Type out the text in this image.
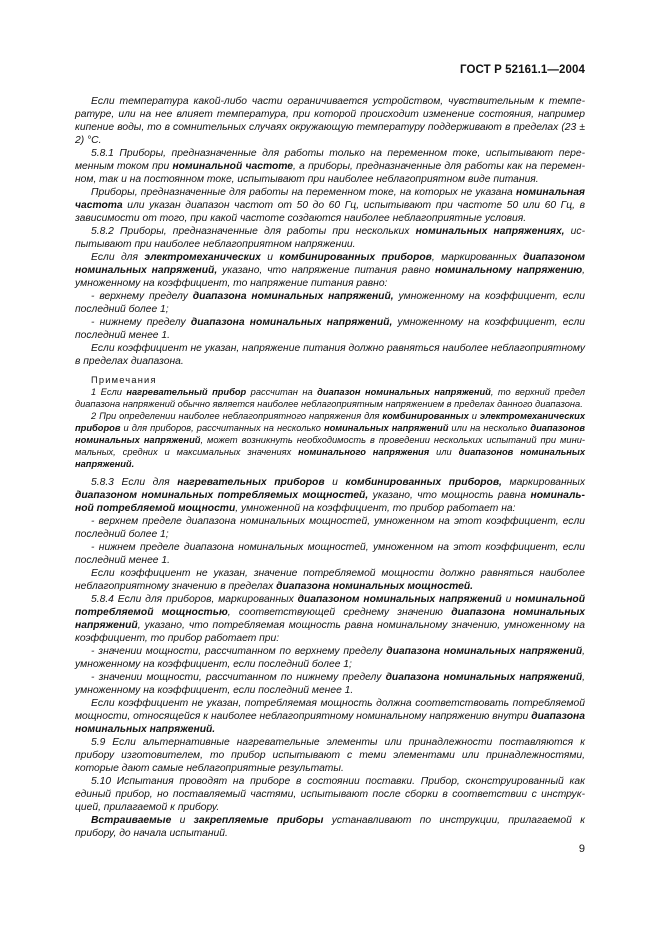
ГОСТ Р 52161.1—2004

Если температура какой-либо части ограничивается устройством, чувствительным к температуре, или на нее влияет температура, при которой происходит изменение состояния, например кипение воды, то в сомнительных случаях окружающую температуру поддерживают в пределах (23 ± 2) °С.

5.8.1 Приборы, предназначенные для работы только на переменном токе, испытывают переменным током при номинальной частоте, а приборы, предназначенные для работы как на переменном, так и на постоянном токе, испытывают при наиболее неблагоприятном виде питания.

Приборы, предназначенные для работы на переменном токе, на которых не указана номинальная частота или указан диапазон частот от 50 до 60 Гц, испытывают при частоте 50 или 60 Гц, в зависимости от того, при какой частоте создаются наиболее неблагоприятные условия.

5.8.2 Приборы, предназначенные для работы при нескольких номинальных напряжениях, испытывают при наиболее неблагоприятном напряжении.

Если для электромеханических и комбинированных приборов, маркированных диапазоном номинальных напряжений, указано, что напряжение питания равно номинальному напряжению, умноженному на коэффициент, то напряжение питания равно:

- верхнему пределу диапазона номинальных напряжений, умноженному на коэффициент, если последний более 1;

- нижнему пределу диапазона номинальных напряжений, умноженному на коэффициент, если последний менее 1.

Если коэффициент не указан, напряжение питания должно равняться наиболее неблагоприятному в пределах диапазона.

Примечания

1 Если нагревательный прибор рассчитан на диапазон номинальных напряжений, то верхний предел диапазона напряжений обычно является наиболее неблагоприятным напряжением в пределах данного диапазона.

2 При определении наиболее неблагоприятного напряжения для комбинированных и электромеханических приборов и для приборов, рассчитанных на несколько номинальных напряжений или на несколько диапазонов номинальных напряжений, может возникнуть необходимость в проведении нескольких испытаний при минимальных, средних и максимальных значениях номинального напряжения или диапазонов номинальных напряжений.

5.8.3 Если для нагревательных приборов и комбинированных приборов, маркированных диапазоном номинальных потребляемых мощностей, указано, что мощность равна номинальной потребляемой мощности, умноженной на коэффициент, то прибор работает на:

- верхнем пределе диапазона номинальных мощностей, умноженном на этот коэффициент, если последний более 1;

- нижнем пределе диапазона номинальных мощностей, умноженном на этот коэффициент, если последний менее 1.

Если коэффициент не указан, значение потребляемой мощности должно равняться наиболее неблагоприятному значению в пределах диапазона номинальных мощностей.

5.8.4 Если для приборов, маркированных диапазоном номинальных напряжений и номинальной потребляемой мощностью, соответствующей среднему значению диапазона номинальных напряжений, указано, что потребляемая мощность равна номинальному значению, умноженному на коэффициент, то прибор работает при:

- значении мощности, рассчитанном по верхнему пределу диапазона номинальных напряжений, умноженному на коэффициент, если последний более 1;

- значении мощности, рассчитанном по нижнему пределу диапазона номинальных напряжений, умноженному на коэффициент, если последний менее 1.

Если коэффициент не указан, потребляемая мощность должна соответствовать потребляемой мощности, относящейся к наиболее неблагоприятному номинальному напряжению внутри диапазона номинальных напряжений.

5.9 Если альтернативные нагревательные элементы или принадлежности поставляются к прибору изготовителем, то прибор испытывают с теми элементами или принадлежностями, которые дают самые неблагоприятные результаты.

5.10 Испытания проводят на приборе в состоянии поставки. Прибор, сконструированный как единый прибор, но поставляемый частями, испытывают после сборки в соответствии с инструкцией, прилагаемой к прибору.

Встраиваемые и закрепляемые приборы устанавливают по инструкции, прилагаемой к прибору, до начала испытаний.

9
